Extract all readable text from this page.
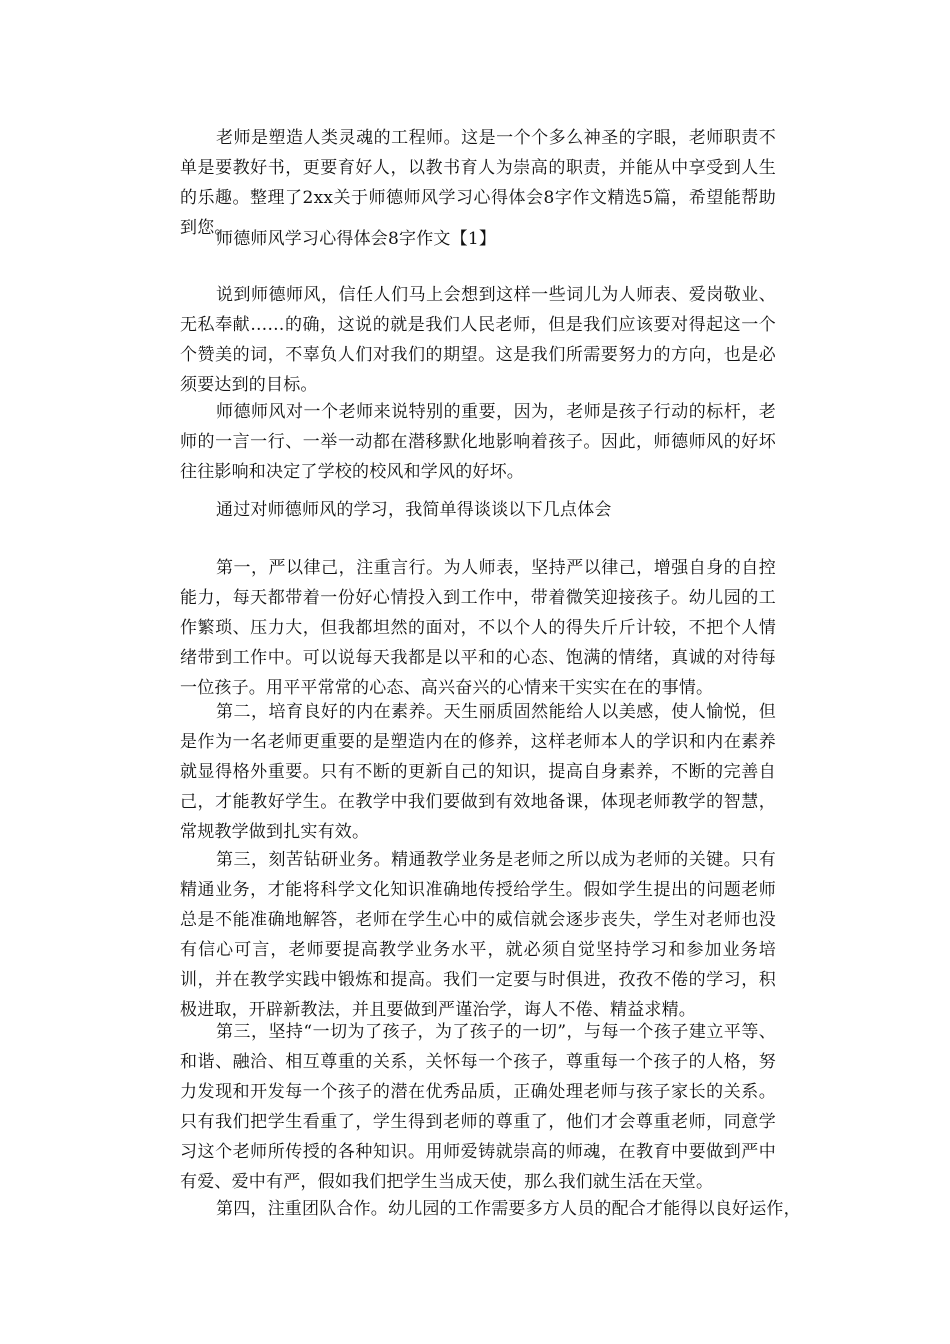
老师是塑造人类灵魂的工程师。这是一个个多么神圣的字眼，老师职责不单是要教好书，更要育好人，以教书育人为崇高的职责，并能从中享受到人生的乐趣。整理了2xx关于师德师风学习心得体会8字作文精选5篇，希望能帮助到您。

师德师风学习心得体会8字作文【1】

说到师德师风，信任人们马上会想到这样一些词儿为人师表、爱岗敬业、无私奉献……的确，这说的就是我们人民老师，但是我们应该要对得起这一个个赞美的词，不辜负人们对我们的期望。这是我们所需要努力的方向，也是必须要达到的目标。

师德师风对一个老师来说特别的重要，因为，老师是孩子行动的标杆，老师的一言一行、一举一动都在潜移默化地影响着孩子。因此，师德师风的好坏往往影响和决定了学校的校风和学风的好坏。

通过对师德师风的学习，我简单得谈谈以下几点体会

第一，严以律己，注重言行。为人师表，坚持严以律己，增强自身的自控能力，每天都带着一份好心情投入到工作中，带着微笑迎接孩子。幼儿园的工作繁琐、压力大，但我都坦然的面对，不以个人的得失斤斤计较，不把个人情绪带到工作中。可以说每天我都是以平和的心态、饱满的情绪，真诚的对待每一位孩子。用平平常常的心态、高兴奋兴的心情来干实实在在的事情。

第二，培育良好的内在素养。天生丽质固然能给人以美感，使人愉悦，但是作为一名老师更重要的是塑造内在的修养，这样老师本人的学识和内在素养就显得格外重要。只有不断的更新自己的知识，提高自身素养，不断的完善自己，才能教好学生。在教学中我们要做到有效地备课，体现老师教学的智慧，常规教学做到扎实有效。

第三，刻苦钻研业务。精通教学业务是老师之所以成为老师的关键。只有精通业务，才能将科学文化知识准确地传授给学生。假如学生提出的问题老师总是不能准确地解答，老师在学生心中的威信就会逐步丧失，学生对老师也没有信心可言，老师要提高教学业务水平，就必须自觉坚持学习和参加业务培训，并在教学实践中锻炼和提高。我们一定要与时俱进，孜孜不倦的学习，积极进取，开辟新教法，并且要做到严谨治学，诲人不倦、精益求精。

第三，坚持“一切为了孩子，为了孩子的一切”，与每一个孩子建立平等、和谐、融洽、相互尊重的关系，关怀每一个孩子，尊重每一个孩子的人格，努力发现和开发每一个孩子的潜在优秀品质，正确处理老师与孩子家长的关系。只有我们把学生看重了，学生得到老师的尊重了，他们才会尊重老师，同意学习这个老师所传授的各种知识。用师爱铸就崇高的师魂，在教育中要做到严中有爱、爱中有严，假如我们把学生当成天使，那么我们就生活在天堂。

第四，注重团队合作。幼儿园的工作需要多方人员的配合才能得以良好运作，
